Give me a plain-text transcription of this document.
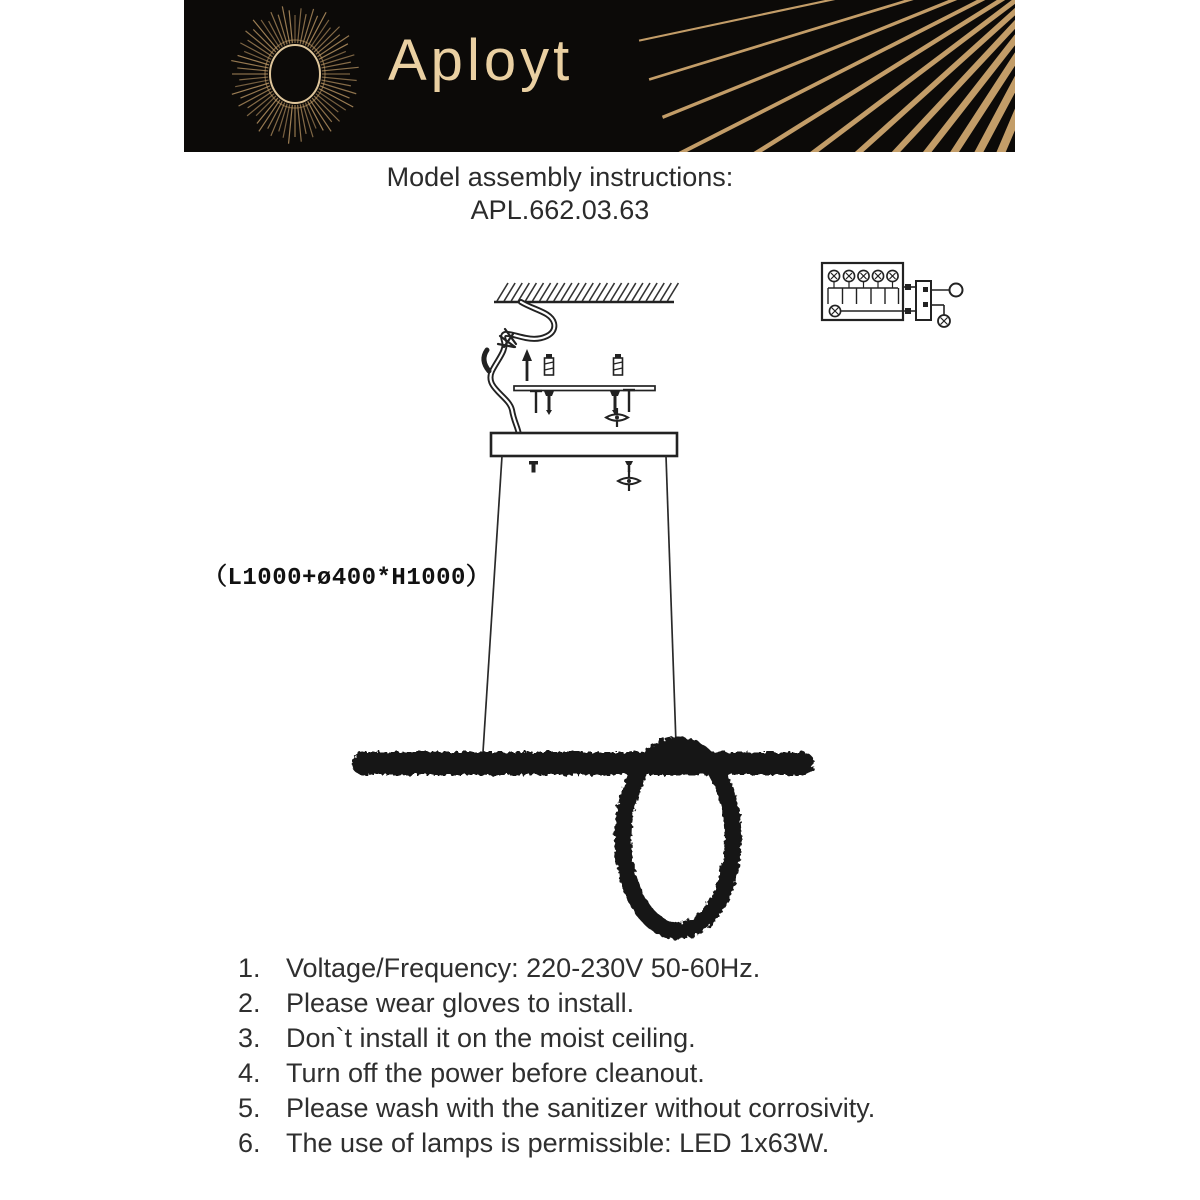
Aployt
Model assembly instructions:
APL.662.03.63
（L1000+ø400*H1000）
1. Voltage/Frequency: 220-230V 50-60Hz.
2. Please wear gloves to install.
3. Don`t install it on the moist ceiling.
4. Turn off the power before cleanout.
5. Please wash with the sanitizer without corrosivity.
6. The use of lamps is permissible: LED 1x63W.
